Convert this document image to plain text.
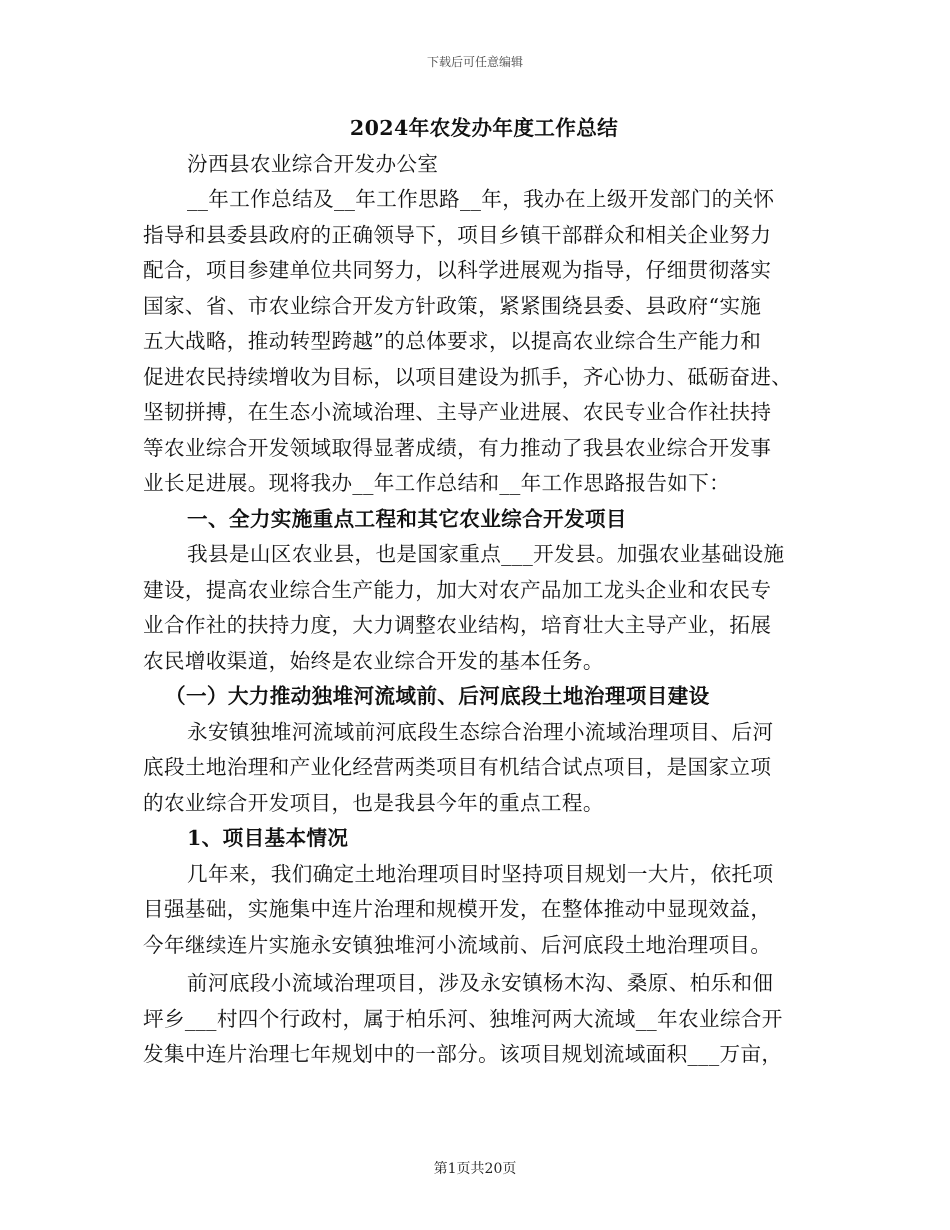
下载后可任意编辑
2024年农发办年度工作总结
汾西县农业综合开发办公室
__年工作总结及__年工作思路__年，我办在上级开发部门的关怀
指导和县委县政府的正确领导下，项目乡镇干部群众和相关企业努力
配合，项目参建单位共同努力，以科学进展观为指导，仔细贯彻落实
国家、省、市农业综合开发方针政策，紧紧围绕县委、县政府“实施
五大战略，推动转型跨越”的总体要求，以提高农业综合生产能力和
促进农民持续增收为目标，以项目建设为抓手，齐心协力、砥砺奋进、
坚韧拼搏，在生态小流域治理、主导产业进展、农民专业合作社扶持
等农业综合开发领域取得显著成绩，有力推动了我县农业综合开发事
业长足进展。现将我办__年工作总结和__年工作思路报告如下：
一、全力实施重点工程和其它农业综合开发项目
我县是山区农业县，也是国家重点___开发县。加强农业基础设施
建设，提高农业综合生产能力，加大对农产品加工龙头企业和农民专
业合作社的扶持力度，大力调整农业结构，培育壮大主导产业，拓展
农民增收渠道，始终是农业综合开发的基本任务。
（一）大力推动独堆河流域前、后河底段土地治理项目建设
永安镇独堆河流域前河底段生态综合治理小流域治理项目、后河
底段土地治理和产业化经营两类项目有机结合试点项目，是国家立项
的农业综合开发项目，也是我县今年的重点工程。
1、项目基本情况
几年来，我们确定土地治理项目时坚持项目规划一大片，依托项
目强基础，实施集中连片治理和规模开发，在整体推动中显现效益，
今年继续连片实施永安镇独堆河小流域前、后河底段土地治理项目。
前河底段小流域治理项目，涉及永安镇杨木沟、桑原、柏乐和佃
坪乡___村四个行政村，属于柏乐河、独堆河两大流域__年农业综合开
发集中连片治理七年规划中的一部分。该项目规划流域面积___万亩，
第1页共20页
